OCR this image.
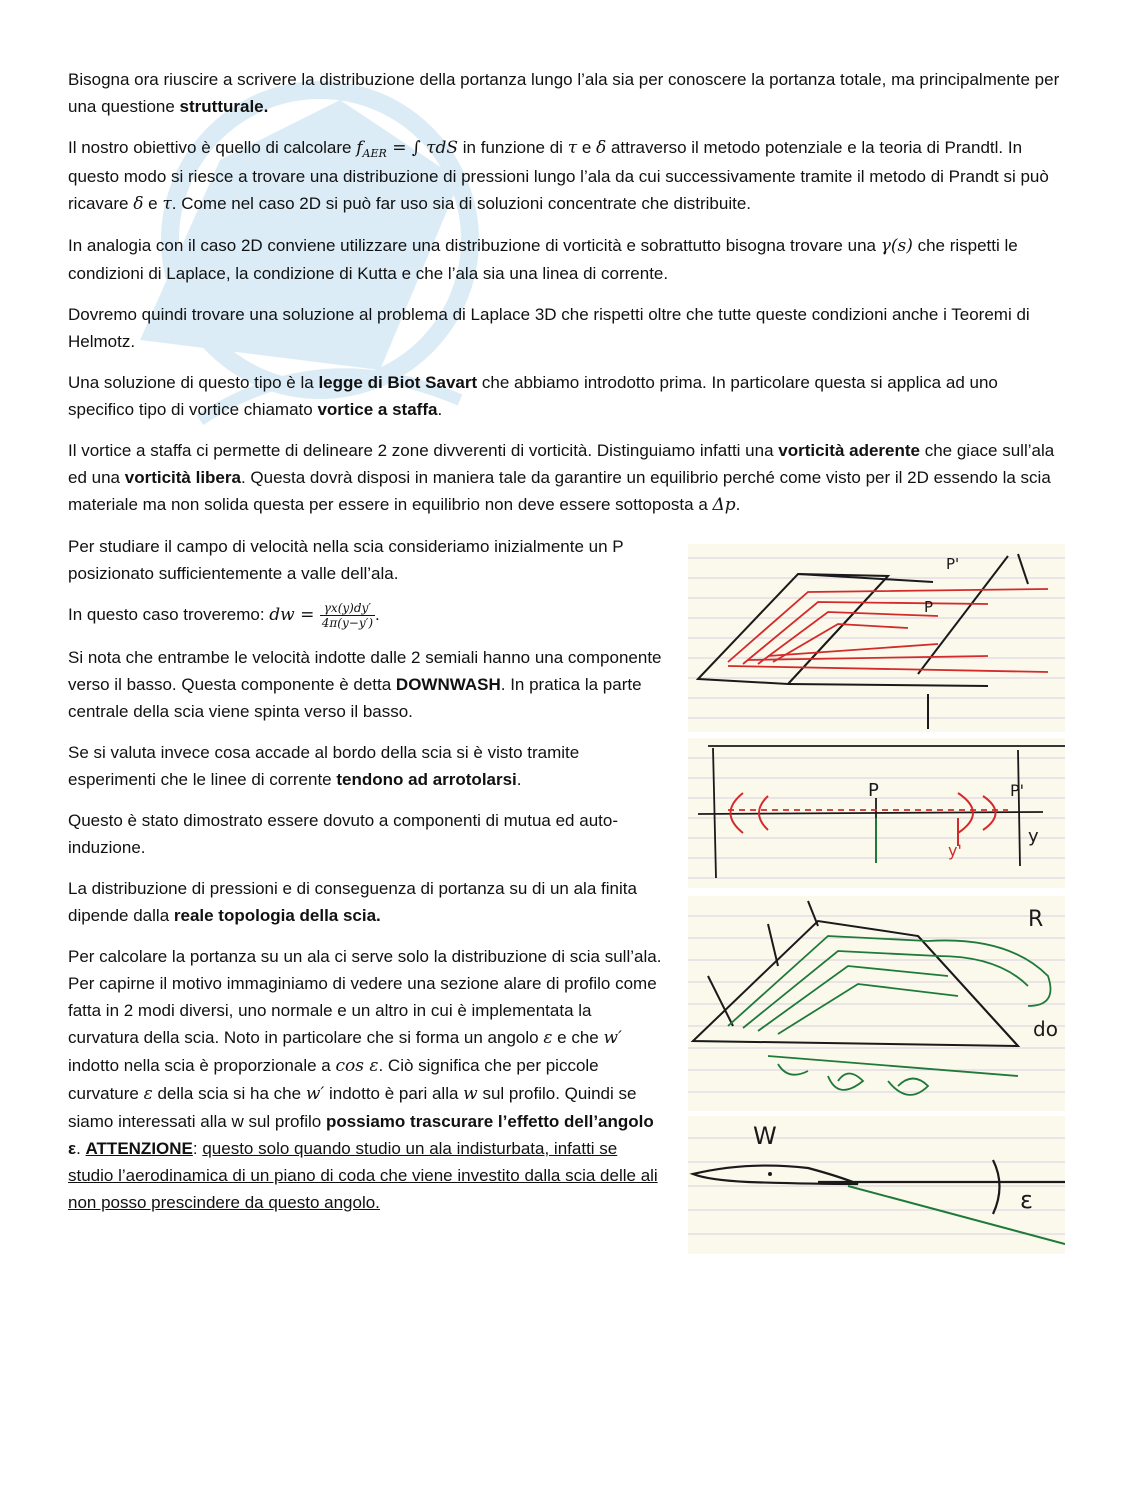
Bisogna ora riuscire a scrivere la distribuzione della portanza lungo l’ala sia per conoscere la portanza totale, ma principalmente per una questione strutturale.

Il nostro obiettivo è quello di calcolare $f_{AER}$ = ∫ τdS in funzione di τ e δ attraverso il metodo potenziale e la teoria di Prandtl. In questo modo si riesce a trovare una distribuzione di pressioni lungo l’ala da cui successivamente tramite il metodo di Prandt si può ricavare δ e τ. Come nel caso 2D si può far uso sia di soluzioni concentrate che distribuite.

In analogia con il caso 2D conviene utilizzare una distribuzione di vorticità e sobrattutto bisogna trovare una γ(s) che rispetti le condizioni di Laplace, la condizione di Kutta e che l’ala sia una linea di corrente.

Dovremo quindi trovare una soluzione al problema di Laplace 3D che rispetti oltre che tutte queste condizioni anche i Teoremi di Helmotz.

Una soluzione di questo tipo è la legge di Biot Savart che abbiamo introdotto prima. In particolare questa si applica ad uno specifico tipo di vortice chiamato vortice a staffa.

Il vortice a staffa ci permette di delineare 2 zone divverenti di vorticità. Distinguiamo infatti una vorticità aderente che giace sull’ala ed una vorticità libera. Questa dovrà disposi in maniera tale da garantire un equilibrio perché come visto per il 2D essendo la scia materiale ma non solida questa per essere in equilibrio non deve essere sottoposta a Δp.

Per studiare il campo di velocità nella scia consideriamo inizialmente un P posizionato sufficientemente a valle dell’ala.

In questo caso troveremo: dw = $\frac{\gamma x(y)dy'}{4\pi(y-y')}$ .

Si nota che entrambe le velocità indotte dalle 2 semiali hanno una componente verso il basso. Questa componente è detta DOWNWASH. In pratica la parte centrale della scia viene spinta verso il basso.

Se si valuta invece cosa accade al bordo della scia si è visto tramite esperimenti che le linee di corrente tendono ad arrotolarsi.

Questo è stato dimostrato essere dovuto a componenti di mutua ed auto-induzione.

La distribuzione di pressioni e di conseguenza di portanza su di un ala finita dipende dalla reale topologia della scia.

Per calcolare la portanza su un ala ci serve solo la distribuzione di scia sull’ala. Per capirne il motivo immaginiamo di vedere una sezione alare di profilo come fatta in 2 modi diversi, uno normale e un altro in cui è implementata la curvatura della scia. Noto in particolare che si forma un angolo ε e che w′ indotto nella scia è proporzionale a cos ε. Ciò significa che per piccole curvature ε della scia si ha che w′ indotto è pari alla w sul profilo. Quindi se siamo interessati alla w sul profilo possiamo trascurare l’effetto dell’angolo ε. ATTENZIONE: questo solo quando studio un ala indisturbata, infatti se studio l’aerodinamica di un piano di coda che viene investito dalla scia delle ali non posso prescindere da questo angolo.

P'
P
P	P'
y
y'
R
do
W
ε
